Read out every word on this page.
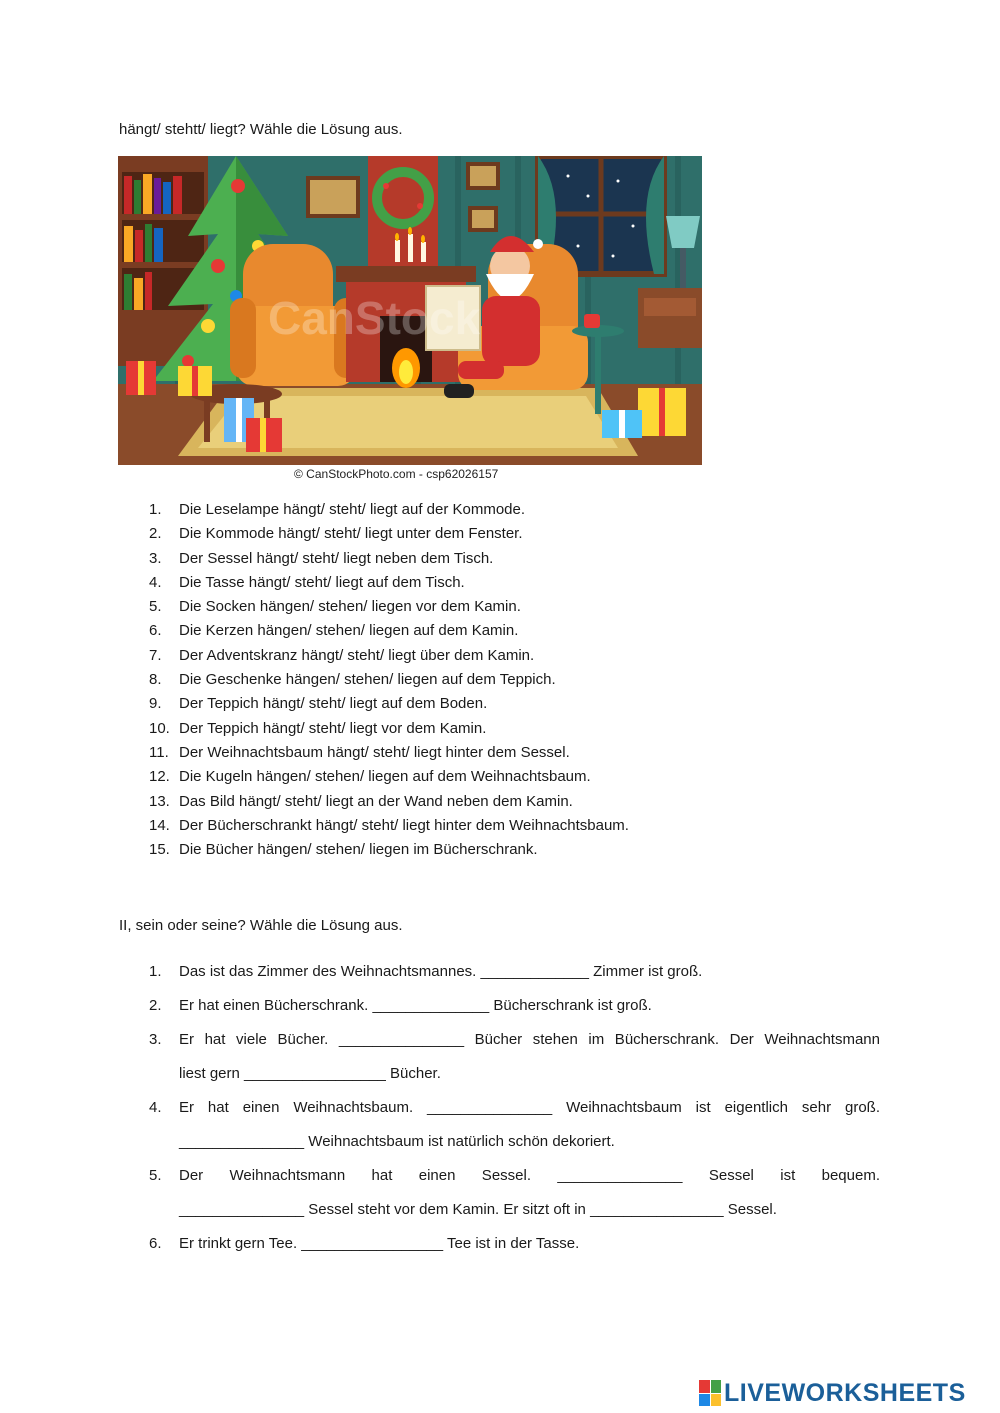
hängt/ stehtt/ liegt? Wähle die Lösung aus.
CanStock
© CanStockPhoto.com - csp62026157
1. Die Leselampe hängt/ steht/ liegt auf der Kommode.
2. Die Kommode hängt/ steht/ liegt unter dem Fenster.
3. Der Sessel hängt/ steht/ liegt neben dem Tisch.
4. Die Tasse hängt/ steht/ liegt auf dem Tisch.
5. Die Socken hängen/ stehen/ liegen vor dem Kamin.
6. Die Kerzen hängen/ stehen/ liegen auf dem Kamin.
7. Der Adventskranz hängt/ steht/ liegt über dem Kamin.
8. Die Geschenke hängen/ stehen/ liegen auf dem Teppich.
9. Der Teppich hängt/ steht/ liegt auf dem Boden.
10. Der Teppich hängt/ steht/ liegt vor dem Kamin.
11. Der Weihnachtsbaum hängt/ steht/ liegt hinter dem Sessel.
12. Die Kugeln hängen/ stehen/ liegen auf dem Weihnachtsbaum.
13. Das Bild hängt/ steht/ liegt an der Wand neben dem Kamin.
14. Der Bücherschrankt hängt/ steht/ liegt hinter dem Weihnachtsbaum.
15. Die Bücher hängen/ stehen/ liegen im Bücherschrank.
II, sein oder seine? Wähle die Lösung aus.
1. Das ist das Zimmer des Weihnachtsmannes. _____________ Zimmer ist groß.
2. Er hat einen Bücherschrank. ______________ Bücherschrank ist groß.
3. Er hat viele Bücher. _______________ Bücher stehen im Bücherschrank. Der Weihnachtsmann
liest gern _________________ Bücher.
4. Er hat einen Weihnachtsbaum. _______________ Weihnachtsbaum ist eigentlich sehr groß.
_______________ Weihnachtsbaum ist natürlich schön dekoriert.
5. Der Weihnachtsmann hat einen Sessel. _______________ Sessel ist bequem.
_______________ Sessel steht vor dem Kamin. Er sitzt oft in ________________ Sessel.
6. Er trinkt gern Tee. _________________ Tee ist in der Tasse.
LIVEWORKSHEETS
